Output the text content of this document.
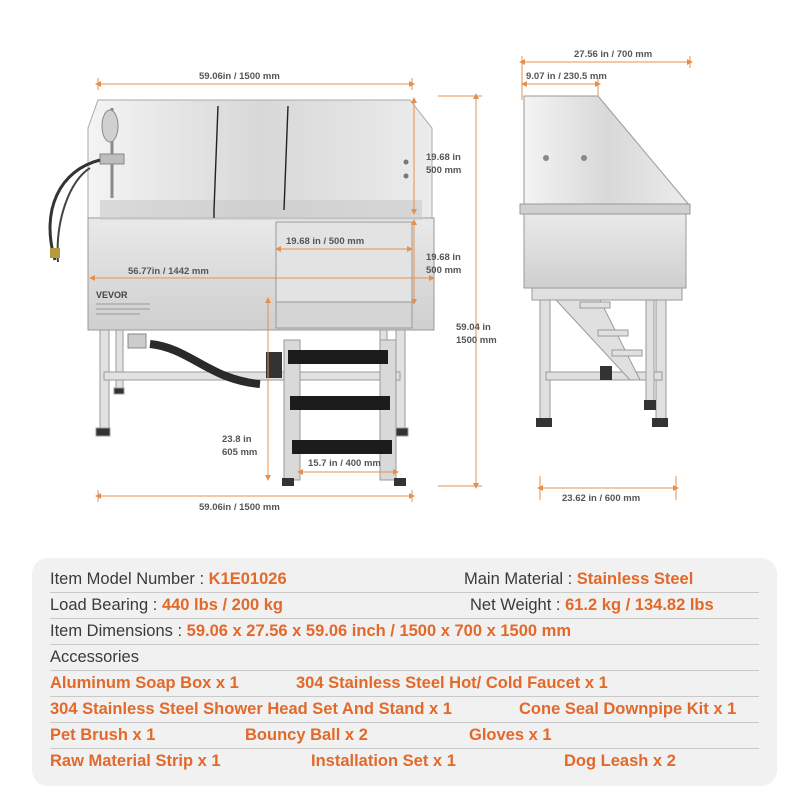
VEVOR
59.06in / 1500 mm
19.68 in 500 mm
19.68 in / 500 mm
19.68 in 500 mm
56.77in / 1442 mm
59.04 in 1500 mm
23.8 in 605 mm
15.7 in / 400 mm
59.06in / 1500 mm
27.56 in / 700 mm
9.07 in / 230.5 mm
23.62 in / 600 mm
Item Model Number : K1E01026	Main Material : Stainless Steel
Load Bearing : 440 lbs / 200 kg	Net Weight : 61.2 kg / 134.82 lbs
Item Dimensions : 59.06 x 27.56 x 59.06 inch / 1500 x 700 x 1500 mm
Accessories
Aluminum Soap Box x 1	304 Stainless Steel Hot/ Cold Faucet x 1
304 Stainless Steel Shower Head Set And Stand x 1	Cone Seal Downpipe Kit x 1
Pet Brush x 1	Bouncy Ball x 2	Gloves x 1
Raw Material Strip x 1	Installation Set x 1	Dog Leash x 2
